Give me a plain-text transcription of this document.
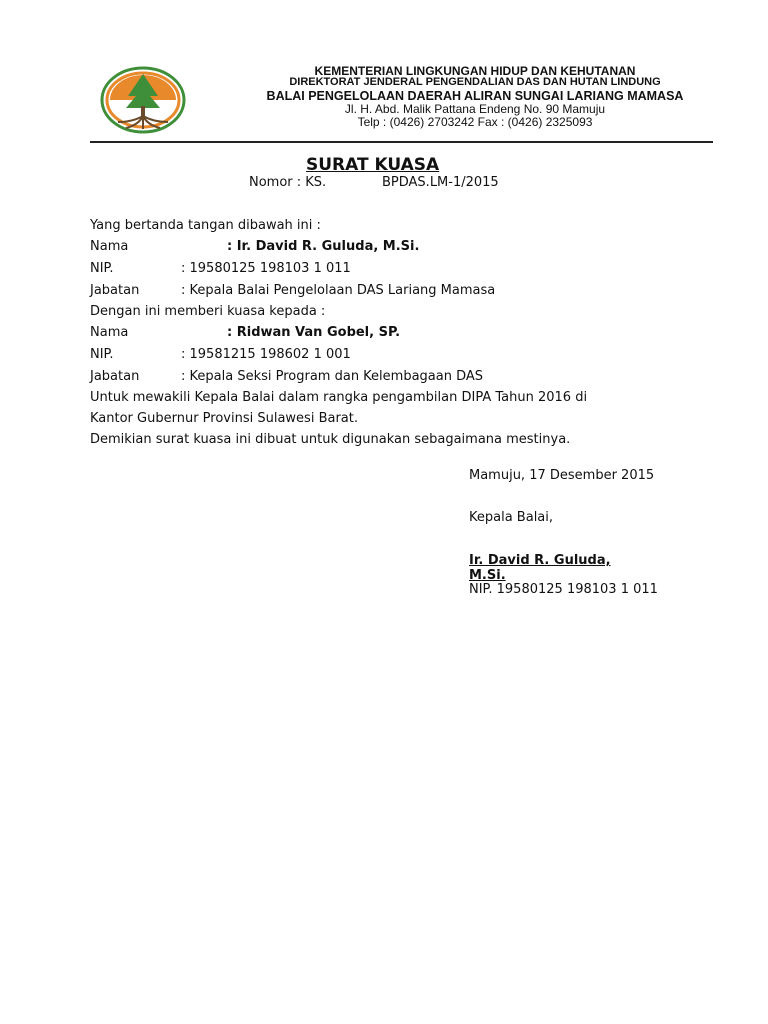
KEMENTERIAN LINGKUNGAN HIDUP DAN KEHUTANAN
DIREKTORAT JENDERAL PENGENDALIAN DAS DAN HUTAN LINDUNG
BALAI PENGELOLAAN DAERAH ALIRAN SUNGAI LARIANG MAMASA
Jl. H. Abd. Malik Pattana Endeng No. 90 Mamuju
Telp : (0426) 2703242 Fax : (0426) 2325093
SURAT KUASA
Nomor : KS.	BPDAS.LM-1/2015
Yang bertanda tangan dibawah ini :
Nama	: Ir. David R. Guluda, M.Si.
NIP.	: 19580125 198103 1 011
Jabatan	: Kepala Balai Pengelolaan DAS Lariang Mamasa
Dengan ini memberi kuasa kepada :
Nama	: Ridwan Van Gobel, SP.
NIP.	: 19581215 198602 1 001
Jabatan	: Kepala Seksi Program dan Kelembagaan DAS
Untuk mewakili Kepala Balai dalam rangka pengambilan DIPA Tahun 2016 di
Kantor Gubernur Provinsi Sulawesi Barat.
Demikian surat kuasa ini dibuat untuk digunakan sebagaimana mestinya.
Mamuju, 17 Desember 2015
Kepala Balai,
Ir. David R. Guluda, M.Si.
NIP. 19580125 198103 1 011
